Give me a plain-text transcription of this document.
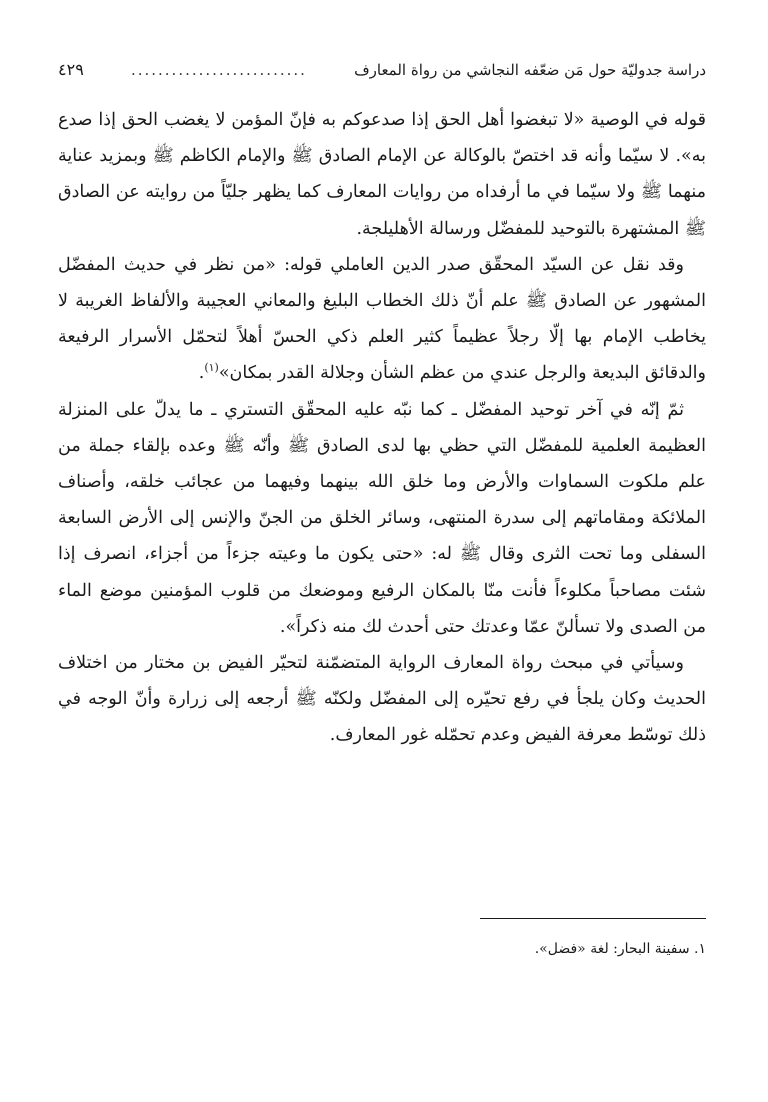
دراسة جدوليّة حول مَن ضعّفه النجاشي من رواة المعارف
..........................
٤٢٩

قوله في الوصية «لا تبغضوا أهل الحق إذا صدعوكم به فإنّ المؤمن لا يغضب الحق إذا صدع به». لا سيّما وأنه قد اختصّ بالوكالة عن الإمام الصادق ﷺ والإمام الكاظم ﷺ وبمزيد عناية منهما ﷺ ولا سيّما في ما أرفداه من روايات المعارف كما يظهر جليّاً من روايته عن الصادق ﷺ المشتهرة بالتوحيد للمفضّل ورسالة الأهليلجة.

وقد نقل عن السيّد المحقّق صدر الدين العاملي قوله: «من نظر في حديث المفضّل المشهور عن الصادق ﷺ علم أنّ ذلك الخطاب البليغ والمعاني العجيبة والألفاظ الغريبة لا يخاطب الإمام بها إلّا رجلاً عظيماً كثير العلم ذكي الحسّ أهلاً لتحمّل الأسرار الرفيعة والدقائق البديعة والرجل عندي من عظم الشأن وجلالة القدر بمكان»$^{(١)}$.

ثمّ إنّه في آخر توحيد المفضّل ـ كما نبّه عليه المحقّق التستري ـ ما يدلّ على المنزلة العظيمة العلمية للمفضّل التي حظي بها لدى الصادق ﷺ وأنّه ﷺ وعده بإلقاء جملة من علم ملكوت السماوات والأرض وما خلق الله بينهما وفيهما من عجائب خلقه، وأصناف الملائكة ومقاماتهم إلى سدرة المنتهى، وسائر الخلق من الجنّ والإنس إلى الأرض السابعة السفلى وما تحت الثرى وقال ﷺ له: «حتى يكون ما وعيته جزءاً من أجزاء، انصرف إذا شئت مصاحباً مكلوءاً فأنت منّا بالمكان الرفيع وموضعك من قلوب المؤمنين موضع الماء من الصدى ولا تسألنّ عمّا وعدتك حتى أحدث لك منه ذكراً».

وسيأتي في مبحث رواة المعارف الرواية المتضمّنة لتحيّر الفيض بن مختار من اختلاف الحديث وكان يلجأ في رفع تحيّره إلى المفضّل ولكنّه ﷺ أرجعه إلى زرارة وأنّ الوجه في ذلك توسّط معرفة الفيض وعدم تحمّله غور المعارف.

١. سفينة البحار: لغة «فضل».
